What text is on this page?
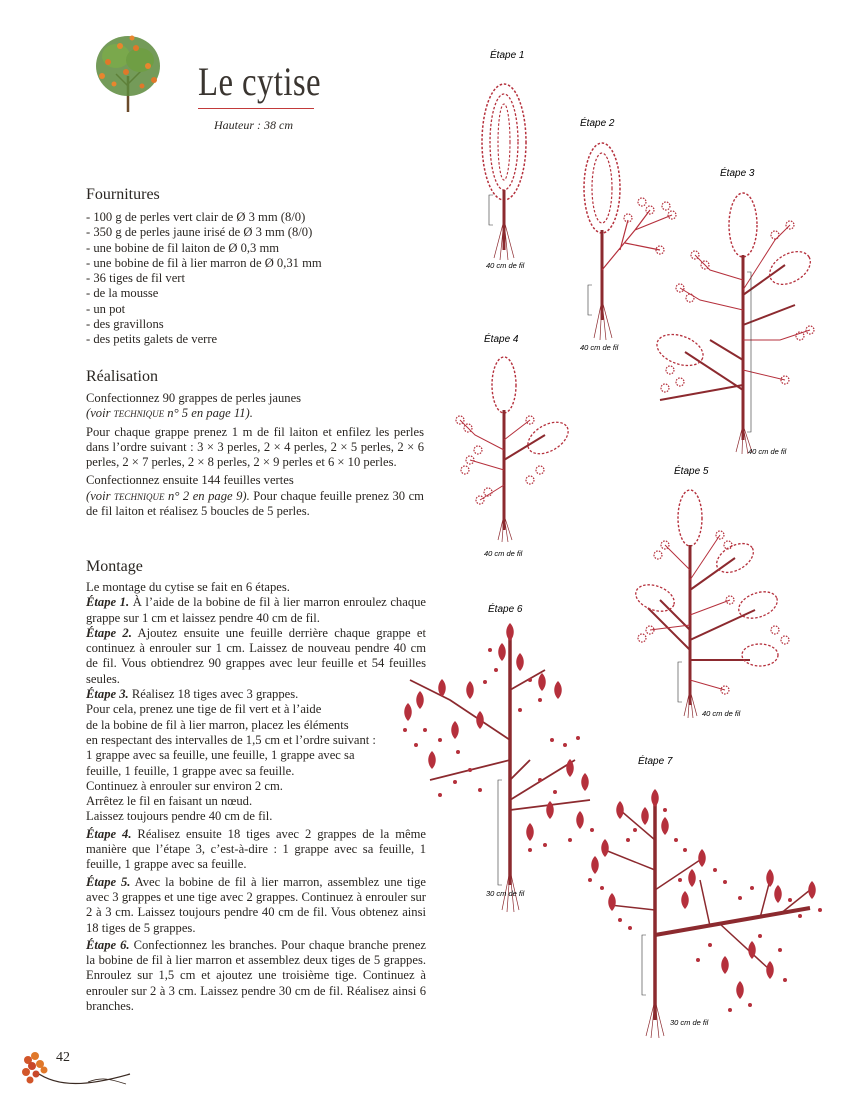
Le cytise
Hauteur : 38 cm
Fournitures
- 100 g de perles vert clair de Ø 3 mm (8/0)
- 350 g de perles jaune irisé de Ø 3 mm (8/0)
- une bobine de fil laiton de Ø 0,3 mm
- une bobine de fil à lier marron de Ø 0,31 mm
- 36 tiges de fil vert
- de la mousse
- un pot
- des gravillons
- des petits galets de verre
Réalisation

Confectionnez 90 grappes de perles jaunes
(voir technique n° 5 en page 11).

Pour chaque grappe prenez 1 m de fil laiton et enfilez les perles dans l’ordre suivant : 3 × 3 perles, 2 × 4 perles, 2 × 5 perles, 2 × 6 perles, 2 × 7 perles, 2 × 8 perles, 2 × 9 perles et 6 × 10 perles.

Confectionnez ensuite 144 feuilles vertes
(voir technique n° 2 en page 9). Pour chaque feuille prenez 30 cm de fil laiton et réalisez 5 boucles de 5 perles.

Montage

Le montage du cytise se fait en 6 étapes.

Étape 1. À l’aide de la bobine de fil à lier marron enroulez chaque grappe sur 1 cm et laissez pendre 40 cm de fil.

Étape 2. Ajoutez ensuite une feuille derrière chaque grappe et continuez à enrouler sur 1 cm. Laissez de nouveau pendre 40 cm de fil. Vous obtiendrez 90 grappes avec leur feuille et 54 feuilles seules.

Étape 3. Réalisez 18 tiges avec 3 grappes.
Pour cela, prenez une tige de fil vert et à l’aide
de la bobine de fil à lier marron, placez les éléments
en respectant des intervalles de 1,5 cm et l’ordre suivant :
1 grappe avec sa feuille, une feuille, 1 grappe avec sa
feuille, 1 feuille, 1 grappe avec sa feuille.
Continuez à enrouler sur environ 2 cm.
Arrêtez le fil en faisant un nœud.
Laissez toujours pendre 40 cm de fil.

Étape 4. Réalisez ensuite 18 tiges avec 2 grappes de la même manière que l’étape 3, c’est-à-dire : 1 grappe avec sa feuille, 1 feuille, 1 grappe avec sa feuille.

Étape 5. Avec la bobine de fil à lier marron, assemblez une tige avec 3 grappes et une tige avec 2 grappes. Continuez à enrouler sur 2 à 3 cm. Laissez toujours pendre 40 cm de fil. Vous obtenez ainsi 18 tiges de 5 grappes.

Étape 6. Confectionnez les branches. Pour chaque branche prenez la bobine de fil à lier marron et assemblez deux tiges de 5 grappes. Enroulez sur 1,5 cm et ajoutez une troisième tige. Continuez à enrouler sur 2 à 3 cm. Laissez pendre 30 cm de fil. Réalisez ainsi 6 branches.

42
Étape 1
40 cm de fil
Étape 2
40 cm de fil
Étape 3
40 cm de fil
Étape 4
40 cm de fil
Étape 5
40 cm de fil
Étape 6
30 cm de fil
Étape 7
30 cm de fil
